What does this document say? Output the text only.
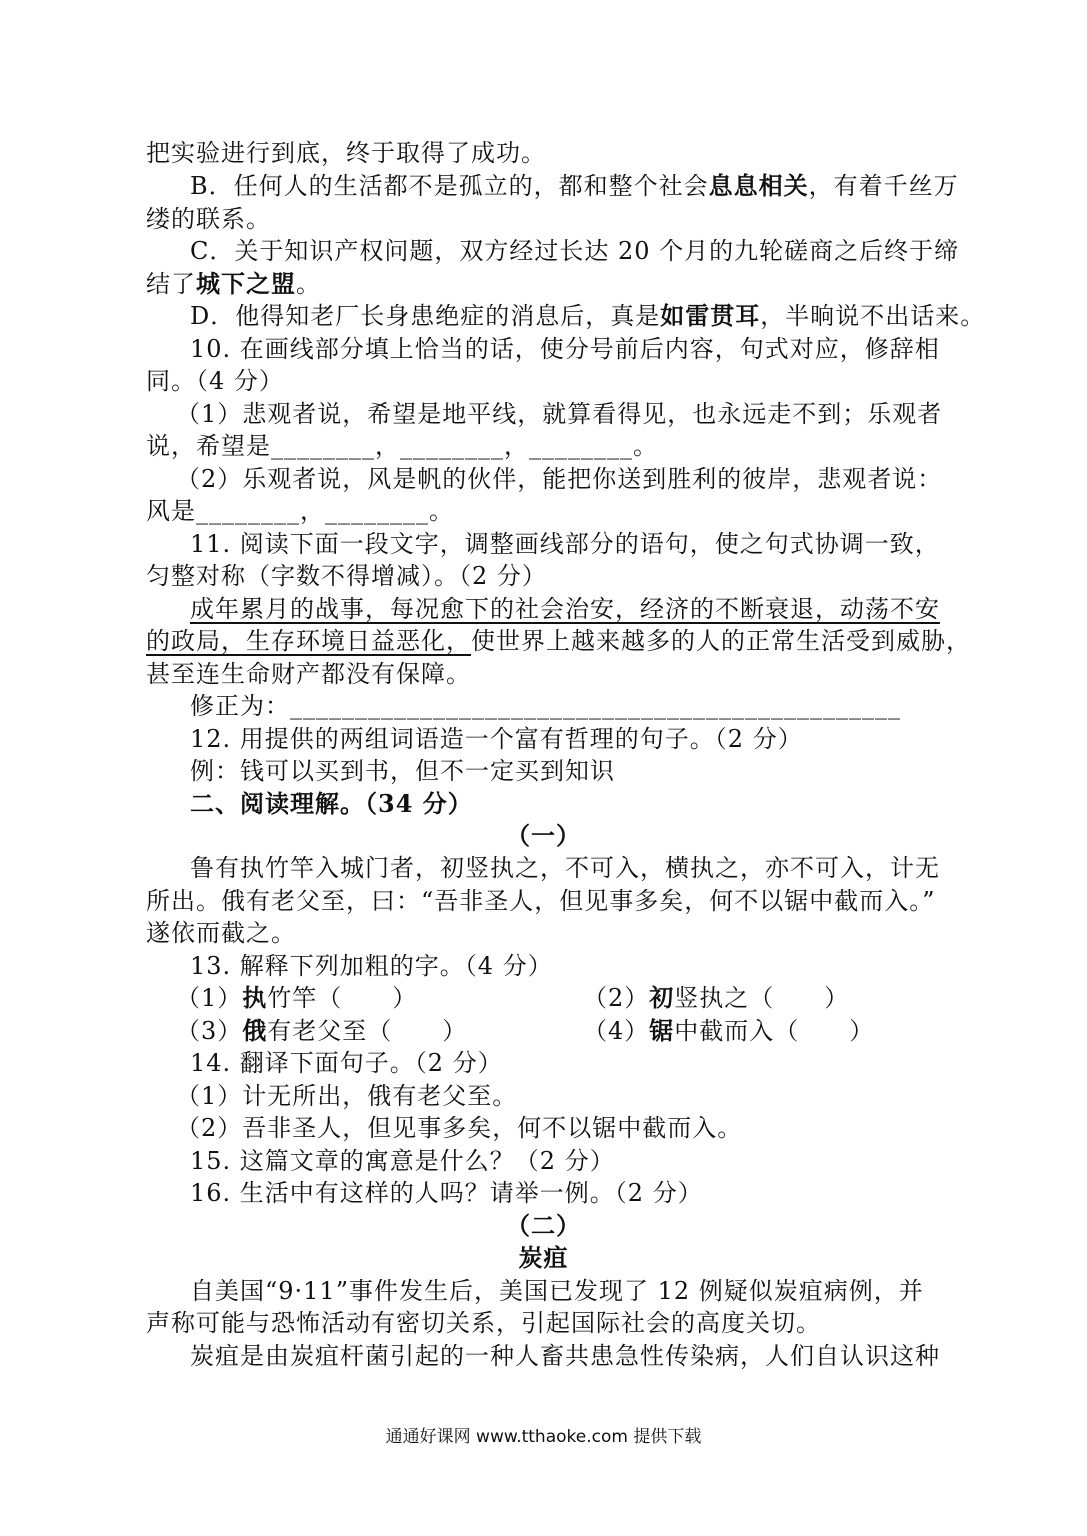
把实验进行到底，终于取得了成功。
B．任何人的生活都不是孤立的，都和整个社会息息相关，有着千丝万
缕的联系。
C．关于知识产权问题，双方经过长达 20 个月的九轮磋商之后终于缔
结了城下之盟。
D．他得知老厂长身患绝症的消息后，真是如雷贯耳，半晌说不出话来。
10. 在画线部分填上恰当的话，使分号前后内容，句式对应，修辞相
同。（4 分）
（1）悲观者说，希望是地平线，就算看得见，也永远走不到；乐观者
说，希望是________，________，________。
（2）乐观者说，风是帆的伙伴，能把你送到胜利的彼岸，悲观者说：
风是________，________。
11. 阅读下面一段文字，调整画线部分的语句，使之句式协调一致，
匀整对称（字数不得增减）。（2 分）
成年累月的战事，每况愈下的社会治安，经济的不断衰退，动荡不安
的政局，生存环境日益恶化，使世界上越来越多的人的正常生活受到威胁，
甚至连生命财产都没有保障。
修正为：_______________________________________________
12. 用提供的两组词语造一个富有哲理的句子。（2 分）
例：钱可以买到书，但不一定买到知识
二、阅读理解。（34 分）
（一）
鲁有执竹竿入城门者，初竖执之，不可入，横执之，亦不可入，计无
所出。俄有老父至，曰：“吾非圣人，但见事多矣，何不以锯中截而入。”
遂依而截之。
13. 解释下列加粗的字。（4 分）
（1）执竹竿（　　）	（2）初竖执之（　　）
（3）俄有老父至（　　）	（4）锯中截而入（　　）
14. 翻译下面句子。（2 分）
（1）计无所出，俄有老父至。
（2）吾非圣人，但见事多矣，何不以锯中截而入。
15. 这篇文章的寓意是什么？（2 分）
16. 生活中有这样的人吗？请举一例。（2 分）
（二）
炭疽
自美国“9·11”事件发生后，美国已发现了 12 例疑似炭疽病例，并
声称可能与恐怖活动有密切关系，引起国际社会的高度关切。
炭疽是由炭疽杆菌引起的一种人畜共患急性传染病，人们自认识这种
通通好课网 www.tthaoke.com 提供下载
